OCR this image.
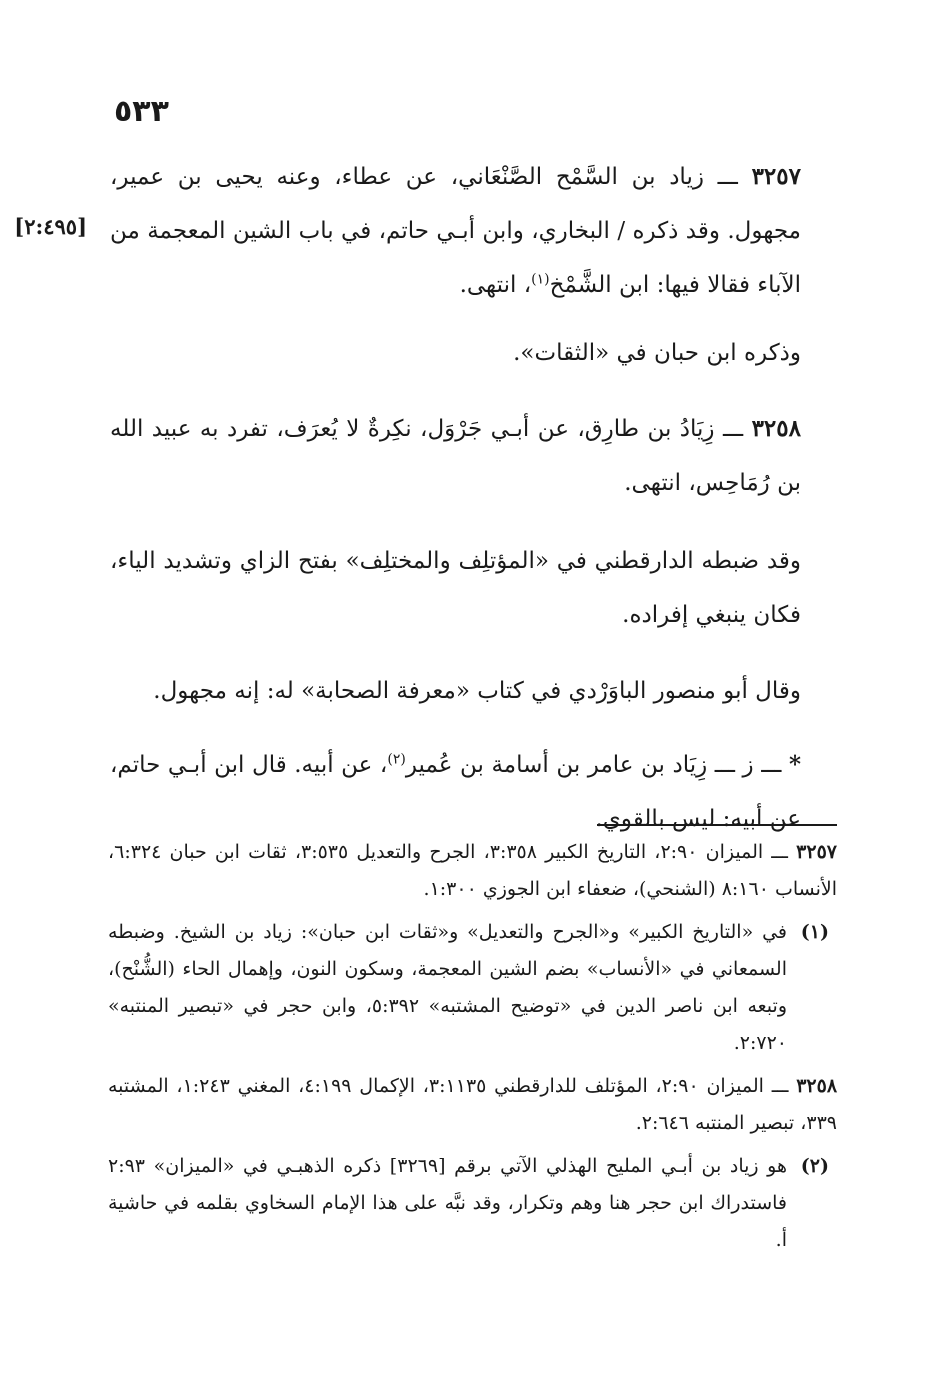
٥٣٣
[٢:٤٩٥]

٣٢٥٧ ـــ زياد بن السَّمْح الصَّنْعَاني، عن عطاء، وعنه يحيى بن عمير، مجهول. وقد ذكره / البخاري، وابن أبـي حاتم، في باب الشين المعجمة من الآباء فقالا فيها: ابن الشَّمْخ$^{(١)}$، انتهى.

وذكره ابن حبان في «الثقات».

٣٢٥٨ ـــ زِيَادُ بن طارِق، عن أبـي جَرْوَل، نكِرةٌ لا يُعرَف، تفرد به عبيد الله بن رُمَاحِس، انتهى.

وقد ضبطه الدارقطني في «المؤتلِف والمختلِف» بفتح الزاي وتشديد الياء، فكان ينبغي إفراده.

وقال أبو منصور الباوَرْدي في كتاب «معرفة الصحابة» له: إنه مجهول.

* ـــ ز ـــ زِيَاد بن عامر بن أسامة بن عُمير$^{(٢)}$، عن أبيه. قال ابن أبـي حاتم، عن أبيه: ليس بالقوي.

٣٢٥٧ ـــ الميزان ٢:٩٠، التاريخ الكبير ٣:٣٥٨، الجرح والتعديل ٣:٥٣٥، ثقات ابن حبان ٦:٣٢٤، الأنساب ٨:١٦٠ (الشنحي)، ضعفاء ابن الجوزي ١:٣٠٠.

(١)
في «التاريخ الكبير» و«الجرح والتعديل» و«ثقات ابن حبان»: زياد بن الشيخ. وضبطه السمعاني في «الأنساب» بضم الشين المعجمة، وسكون النون، وإهمال الحاء (الشُّنْح)، وتبعه ابن ناصر الدين في «توضيح المشتبه» ٥:٣٩٢، وابن حجر في «تبصير المنتبه» ٢:٧٢٠.

٣٢٥٨ ـــ الميزان ٢:٩٠، المؤتلف للدارقطني ٣:١١٣٥، الإكمال ٤:١٩٩، المغني ١:٢٤٣، المشتبه ٣٣٩، تبصير المنتبه ٢:٦٤٦.

(٢)
هو زياد بن أبـي المليح الهذلي الآتي برقم [٣٢٦٩] ذكره الذهبـي في «الميزان» ٢:٩٣ فاستدراك ابن حجر هنا وهم وتكرار، وقد نبَّه على هذا الإمام السخاوي بقلمه في حاشية أ.
